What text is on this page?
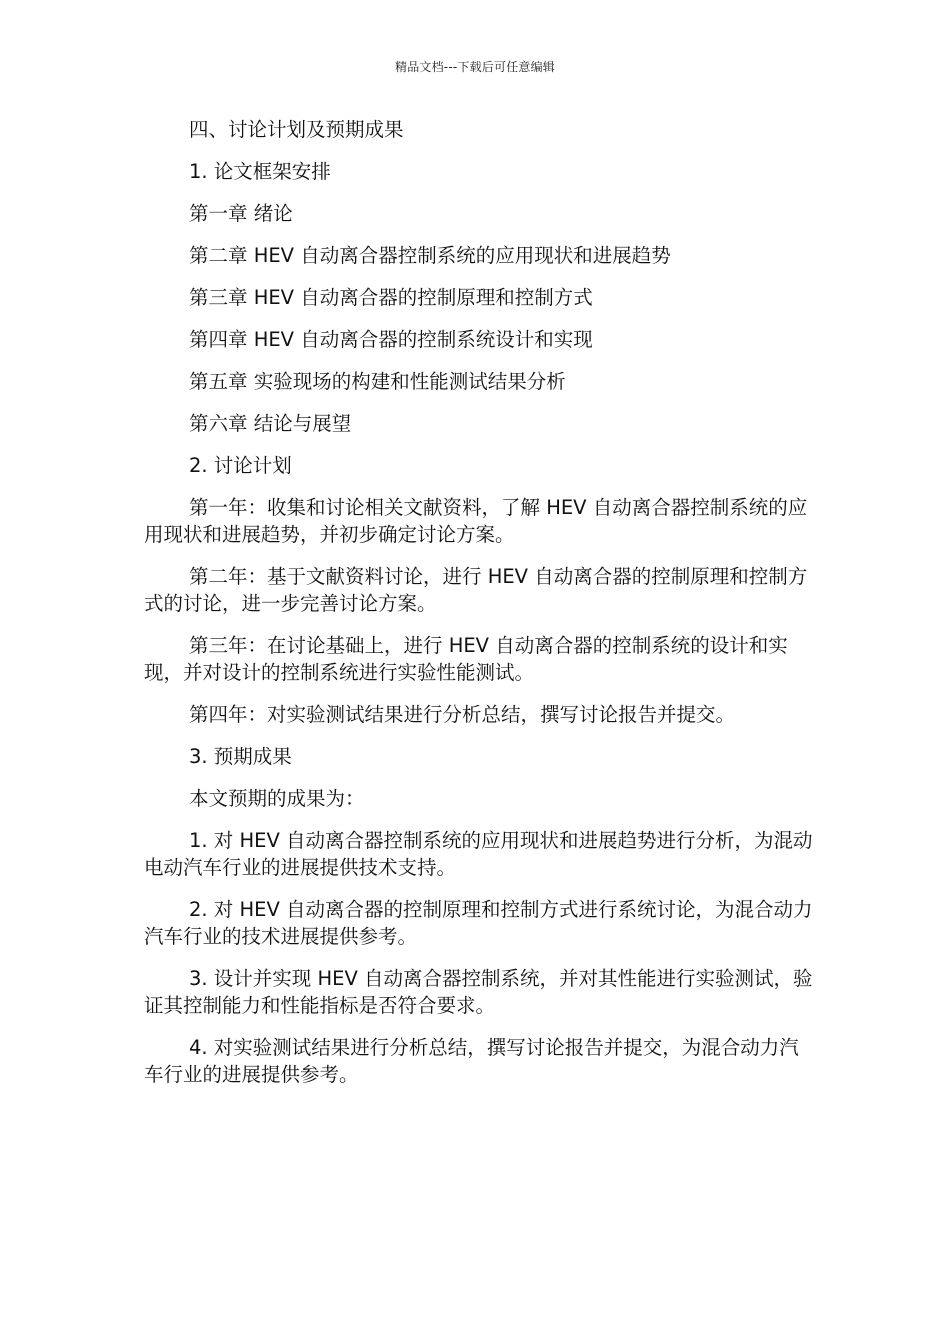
精品文档---下载后可任意编辑

四、讨论计划及预期成果

1. 论文框架安排

第一章 绪论

第二章 HEV 自动离合器控制系统的应用现状和进展趋势

第三章 HEV 自动离合器的控制原理和控制方式

第四章 HEV 自动离合器的控制系统设计和实现

第五章 实验现场的构建和性能测试结果分析

第六章 结论与展望

2. 讨论计划

第一年：收集和讨论相关文献资料，了解 HEV 自动离合器控制系统的应用现状和进展趋势，并初步确定讨论方案。

第二年：基于文献资料讨论，进行 HEV 自动离合器的控制原理和控制方式的讨论，进一步完善讨论方案。

第三年：在讨论基础上，进行 HEV 自动离合器的控制系统的设计和实现，并对设计的控制系统进行实验性能测试。

第四年：对实验测试结果进行分析总结，撰写讨论报告并提交。

3. 预期成果

本文预期的成果为：

1. 对 HEV 自动离合器控制系统的应用现状和进展趋势进行分析，为混动电动汽车行业的进展提供技术支持。

2. 对 HEV 自动离合器的控制原理和控制方式进行系统讨论，为混合动力汽车行业的技术进展提供参考。

3. 设计并实现 HEV 自动离合器控制系统，并对其性能进行实验测试，验证其控制能力和性能指标是否符合要求。

4. 对实验测试结果进行分析总结，撰写讨论报告并提交，为混合动力汽车行业的进展提供参考。
